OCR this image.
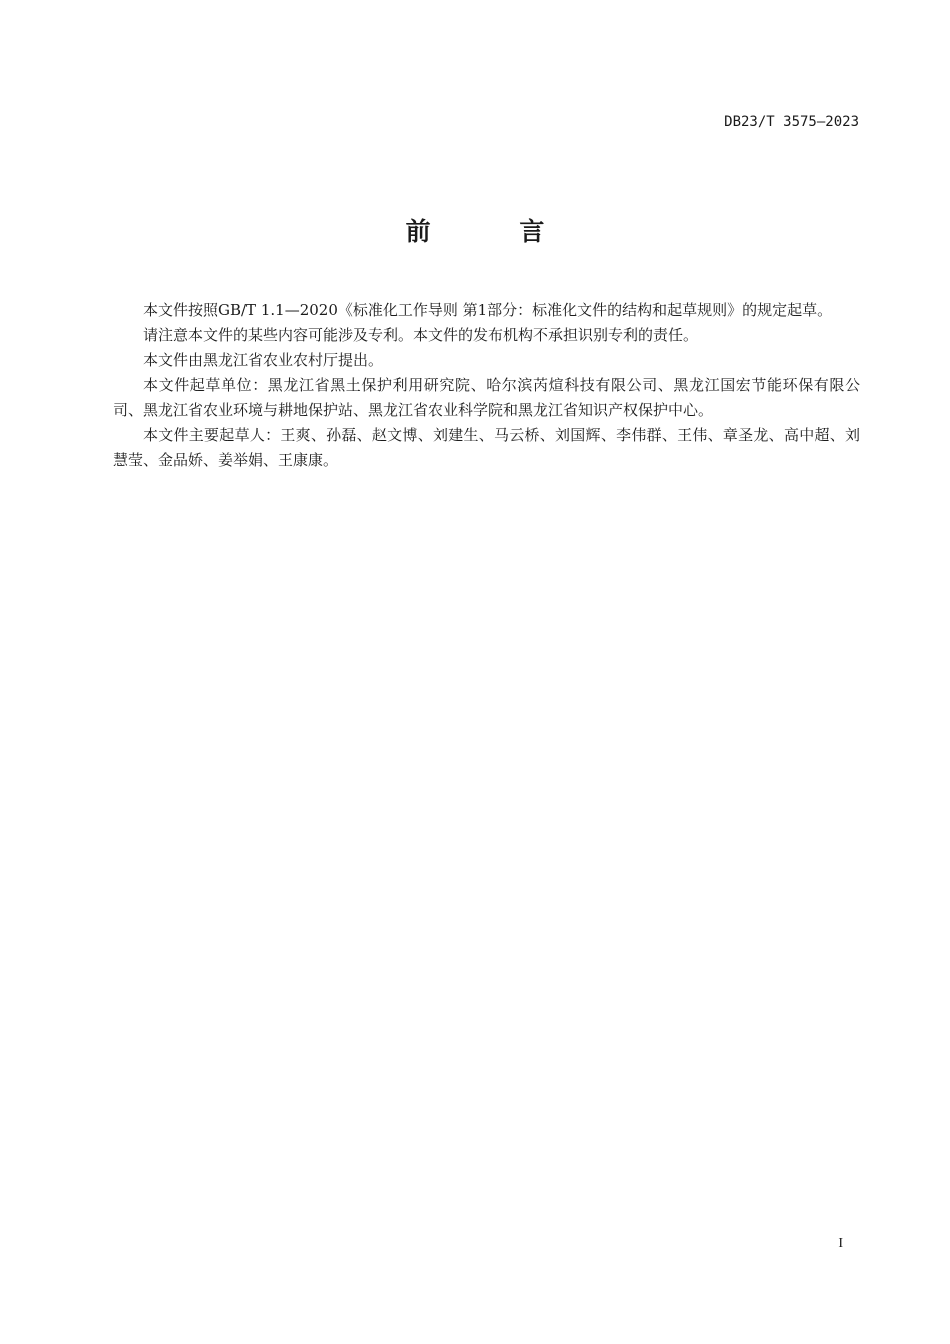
DB23/T 3575—2023
前 言

本文件按照GB/T 1.1—2020《标准化工作导则 第1部分：标准化文件的结构和起草规则》的规定起草。

请注意本文件的某些内容可能涉及专利。本文件的发布机构不承担识别专利的责任。

本文件由黑龙江省农业农村厅提出。

本文件起草单位：黑龙江省黑土保护利用研究院、哈尔滨芮煊科技有限公司、黑龙江国宏节能环保有限公司、黑龙江省农业环境与耕地保护站、黑龙江省农业科学院和黑龙江省知识产权保护中心。

本文件主要起草人：王爽、孙磊、赵文博、刘建生、马云桥、刘国辉、李伟群、王伟、章圣龙、高中超、刘慧莹、金品娇、姜举娟、王康康。

I
